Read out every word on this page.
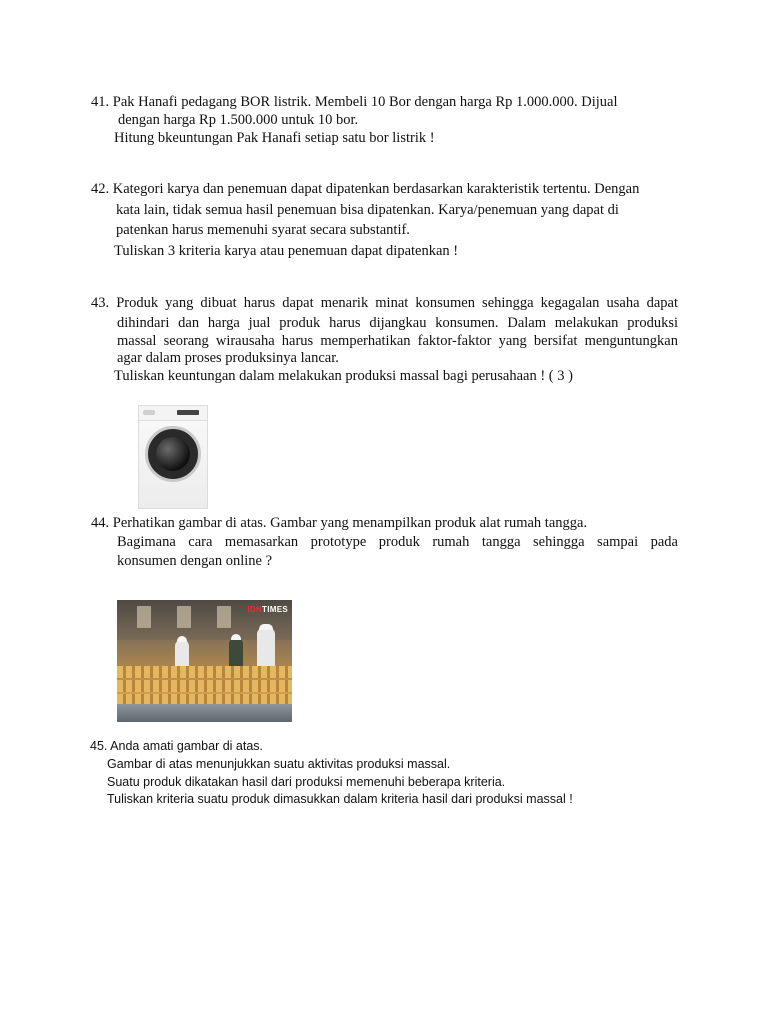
41. Pak Hanafi pedagang BOR listrik. Membeli 10 Bor dengan harga Rp 1.000.000. Dijual
dengan harga Rp 1.500.000 untuk 10 bor.
Hitung bkeuntungan Pak Hanafi setiap satu bor listrik !
42. Kategori karya dan penemuan dapat dipatenkan berdasarkan karakteristik tertentu. Dengan
kata lain, tidak semua hasil penemuan bisa dipatenkan. Karya/penemuan yang dapat di
patenkan harus memenuhi syarat secara substantif.
Tuliskan 3 kriteria karya atau penemuan dapat dipatenkan !
43. Produk yang dibuat harus dapat menarik minat konsumen sehingga kegagalan usaha dapat
dihindari dan harga jual produk harus dijangkau konsumen. Dalam melakukan produksi
massal seorang wirausaha harus memperhatikan faktor-faktor yang bersifat menguntungkan
agar dalam proses produksinya lancar.
Tuliskan keuntungan dalam melakukan produksi massal bagi perusahaan ! ( 3 )
44. Perhatikan gambar di atas. Gambar yang menampilkan produk alat rumah tangga.
Bagimana cara memasarkan prototype produk rumah tangga sehingga sampai pada
konsumen dengan online ?
IDNTIMES
45. Anda amati gambar di atas.
Gambar di atas menunjukkan suatu aktivitas produksi massal.
Suatu produk dikatakan hasil dari produksi memenuhi beberapa kriteria.
Tuliskan kriteria suatu produk dimasukkan dalam kriteria hasil dari produksi massal !
